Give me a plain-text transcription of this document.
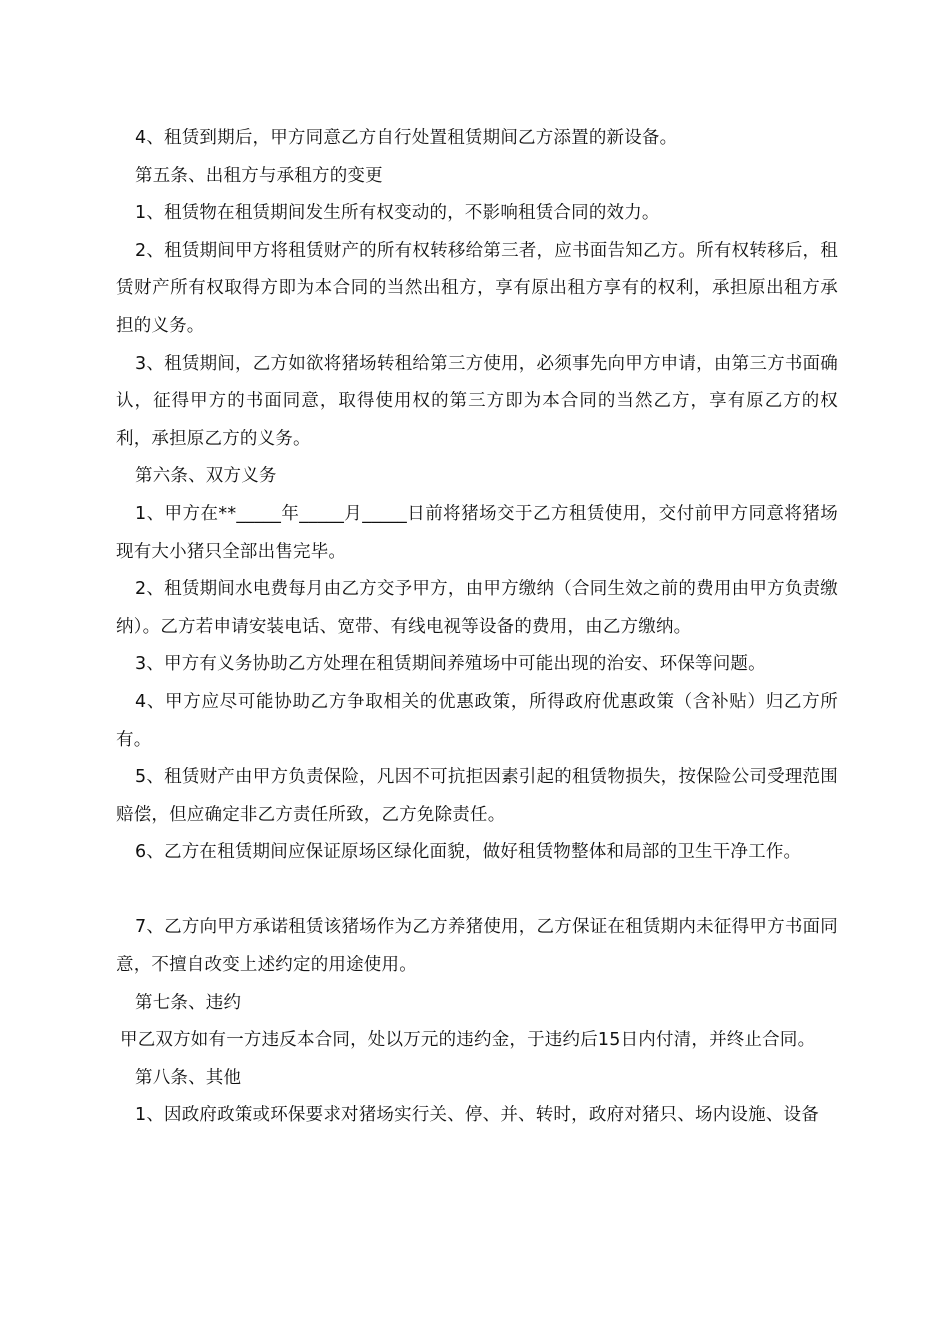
4、租赁到期后，甲方同意乙方自行处置租赁期间乙方添置的新设备。

第五条、出租方与承租方的变更

1、租赁物在租赁期间发生所有权变动的，不影响租赁合同的效力。

2、租赁期间甲方将租赁财产的所有权转移给第三者，应书面告知乙方。所有权转移后，租赁财产所有权取得方即为本合同的当然出租方，享有原出租方享有的权利，承担原出租方承担的义务。

3、租赁期间，乙方如欲将猪场转租给第三方使用，必须事先向甲方申请，由第三方书面确认，征得甲方的书面同意，取得使用权的第三方即为本合同的当然乙方，享有原乙方的权利，承担原乙方的义务。

第六条、双方义务

1、甲方在**_____年_____月_____日前将猪场交于乙方租赁使用，交付前甲方同意将猪场现有大小猪只全部出售完毕。

2、租赁期间水电费每月由乙方交予甲方，由甲方缴纳（合同生效之前的费用由甲方负责缴纳）。乙方若申请安装电话、宽带、有线电视等设备的费用，由乙方缴纳。

3、甲方有义务协助乙方处理在租赁期间养殖场中可能出现的治安、环保等问题。

4、甲方应尽可能协助乙方争取相关的优惠政策，所得政府优惠政策（含补贴）归乙方所有。

5、租赁财产由甲方负责保险，凡因不可抗拒因素引起的租赁物损失，按保险公司受理范围赔偿，但应确定非乙方责任所致，乙方免除责任。

6、乙方在租赁期间应保证原场区绿化面貌，做好租赁物整体和局部的卫生干净工作。

7、乙方向甲方承诺租赁该猪场作为乙方养猪使用，乙方保证在租赁期内未征得甲方书面同意，不擅自改变上述约定的用途使用。

第七条、违约

甲乙双方如有一方违反本合同，处以万元的违约金，于违约后15日内付清，并终止合同。

第八条、其他

1、因政府政策或环保要求对猪场实行关、停、并、转时，政府对猪只、场内设施、设备
